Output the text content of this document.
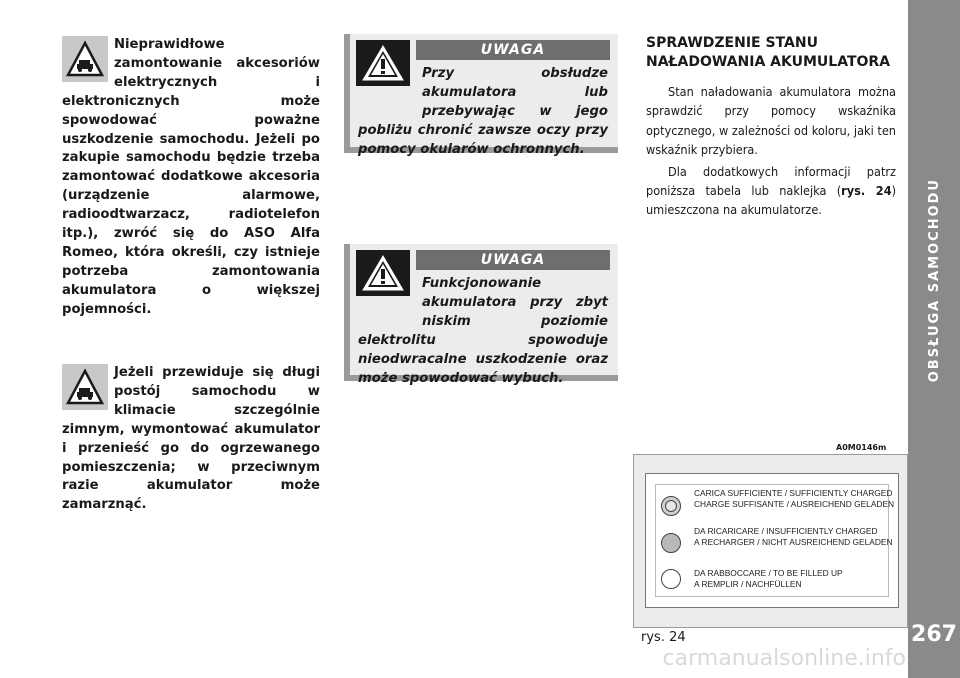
OBSŁUGA SAMOCHODU
267
Nieprawidłowe zamontowanie akcesoriów elektrycznych i elektronicznych może spowodować poważne uszkodzenie samochodu. Jeżeli po zakupie samochodu będzie trzeba zamontować dodatkowe akcesoria (urządzenie alarmowe, radioodtwarzacz, radiotelefon itp.), zwróć się do ASO Alfa Romeo, która określi, czy istnieje potrzeba zamontowania akumulatora o większej pojemności.
Jeżeli przewiduje się długi postój samochodu w klimacie szczególnie zimnym, wymontować akumulator i przenieść go do ogrzewanego pomieszczenia; w przeciwnym razie akumulator może zamarznąć.
UWAGA
Przy obsłudze akumulatora lub przebywając w jego pobliżu chronić zawsze oczy przy pomocy okularów ochronnych.
UWAGA
Funkcjonowanie akumulatora przy zbyt niskim poziomie elektrolitu spowoduje nieodwracalne uszkodzenie oraz może spowodować wybuch.
SPRAWDZENIE STANU
NAŁADOWANIA AKUMULATORA

Stan naładowania akumulatora można sprawdzić przy pomocy wskaźnika optycznego, w zależności od koloru, jaki ten wskaźnik przybiera.

Dla dodatkowych informacji patrz poniższa tabela lub naklejka (rys. 24) umieszczona na akumulatorze.

A0M0146m
CARICA SUFFICIENTE / SUFFICIENTLY CHARGED
CHARGE SUFFISANTE / AUSREICHEND GELADEN
DA RICARICARE / INSUFFICIENTLY CHARGED
A RECHARGER / NICHT AUSREICHEND GELADEN
DA RABBOCCARE / TO BE FILLED UP
A REMPLIR / NACHFÜLLEN
rys. 24
carmanualsonline.info
